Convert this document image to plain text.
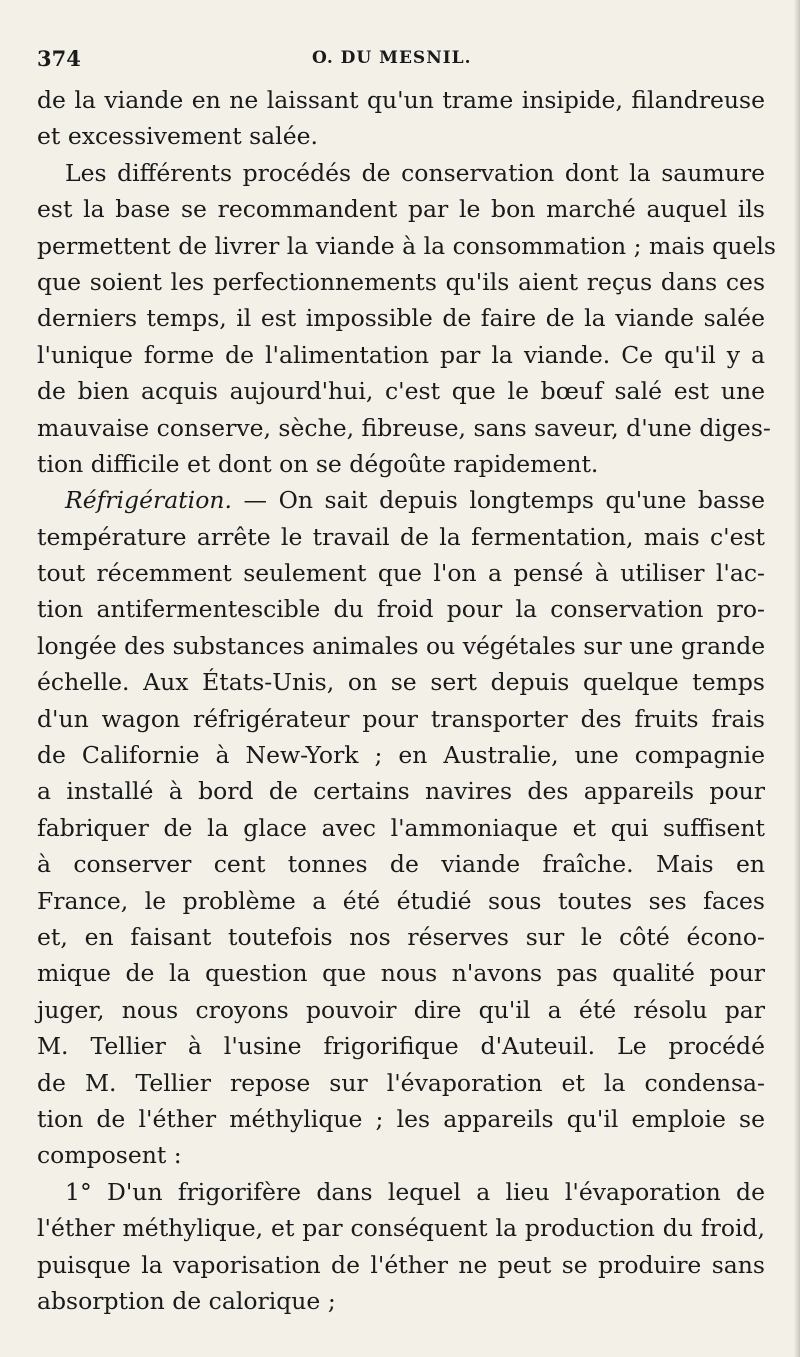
374	O. DU MESNIL.
de la viande en ne laissant qu'un trame insipide, filandreuse
et excessivement salée.
Les différents procédés de conservation dont la saumure
est la base se recommandent par le bon marché auquel ils
permettent de livrer la viande à la consommation ; mais quels
que soient les perfectionnements qu'ils aient reçus dans ces
derniers temps, il est impossible de faire de la viande salée
l'unique forme de l'alimentation par la viande. Ce qu'il y a
de bien acquis aujourd'hui, c'est que le bœuf salé est une
mauvaise conserve, sèche, fibreuse, sans saveur, d'une diges-
tion difficile et dont on se dégoûte rapidement.
Réfrigération. — On sait depuis longtemps qu'une basse
température arrête le travail de la fermentation, mais c'est
tout récemment seulement que l'on a pensé à utiliser l'ac-
tion antifermentescible du froid pour la conservation pro-
longée des substances animales ou végétales sur une grande
échelle. Aux États-Unis, on se sert depuis quelque temps
d'un wagon réfrigérateur pour transporter des fruits frais
de Californie à New-York ; en Australie, une compagnie
a installé à bord de certains navires des appareils pour
fabriquer de la glace avec l'ammoniaque et qui suffisent
à conserver cent tonnes de viande fraîche. Mais en
France, le problème a été étudié sous toutes ses faces
et, en faisant toutefois nos réserves sur le côté écono-
mique de la question que nous n'avons pas qualité pour
juger, nous croyons pouvoir dire qu'il a été résolu par
M. Tellier à l'usine frigorifique d'Auteuil. Le procédé
de M. Tellier repose sur l'évaporation et la condensa-
tion de l'éther méthylique ; les appareils qu'il emploie se
composent :
1° D'un frigorifère dans lequel a lieu l'évaporation de
l'éther méthylique, et par conséquent la production du froid,
puisque la vaporisation de l'éther ne peut se produire sans
absorption de calorique ;
